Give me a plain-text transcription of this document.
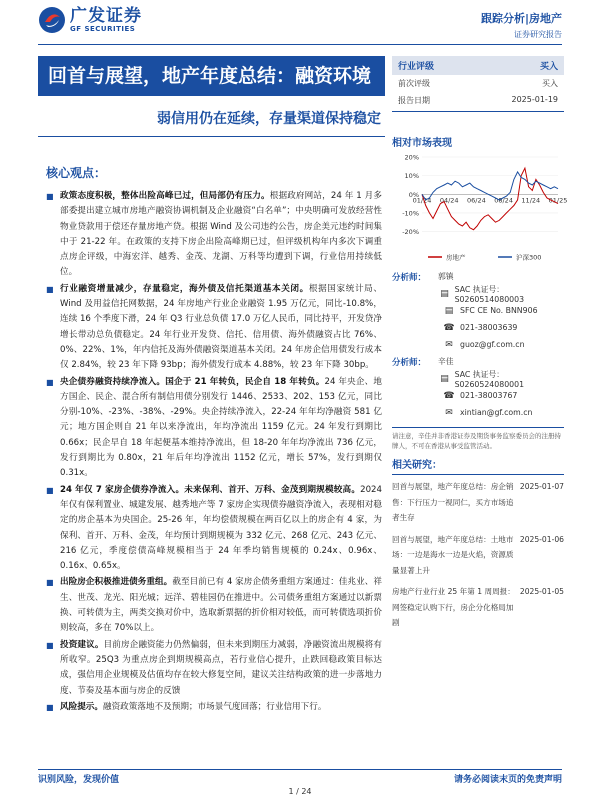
广发证券
GF SECURITIES
跟踪分析|房地产
证券研究报告
回首与展望，地产年度总结：融资环境
弱信用仍在延续，存量渠道保持稳定
行业评级	买入
前次评级	买入
报告日期	2025-01-19
相对市场表现
20%
10%
0%
-10%
-20%
01/24 04/24 06/24 08/24 11/24 01/25
房地产	沪深300
分析师：	郭镇
▤ SAC 执证号：S0260514080003
▤ SFC CE No. BNN906
☎ 021-38003639
✉ guoz@gf.com.cn
分析师：	辛佳
▤ SAC 执证号：S0260524080001
☎ 021-38003767
✉ xintian@gf.com.cn
请注意，辛佳并非香港证券及期货事务监察委员会的注册持牌人，不可在香港从事受监管活动。
相关研究：
回首与展望，地产年度总结：房企销售：下行压力一视同仁，买方市场追者生存
2025-01-07
回首与展望，地产年度总结：土地市场：一边是海水一边是火焰，资源质量显著上升
2025-01-06
房地产行业行业 25 年第 1 周周报：网签稳定认购下行，房企分化格局加剧
2025-01-05
核心观点：
■ 政策态度积极，整体出险高峰已过，但局部仍有压力。根据政府网站，24 年 1 月多部委提出建立城市房地产融资协调机制及企业融资“白名单”；中央明确可发放经营性物业贷款用于偿还存量房地产贷。根据 Wind 及公司违约公告，房企美元违约时间集中于 21-22 年。在政策的支持下房企出险高峰期已过，但评级机构年内多次下调重点房企评级，中海宏洋、越秀、金茂、龙湖、万科等均遭到下调，行业信用持续低位。
■ 行业融资增量减少，存量稳定，海外债及信托渠道基本关闭。根据国家统计局、Wind 及用益信托网数据，24 年房地产行业企业融资 1.95 万亿元，同比-10.8%，连续 16 个季度下滑，24 年 Q3 行业总负债 17.0 万亿人民币，同比持平，开发贷净增长带动总负债稳定。24 年行业开发贷、信托、信用债、海外债融资占比 76%、0%、22%、1%，年内信托及海外债融资渠道基本关闭。24 年房企信用债发行成本仅 2.84%，较 23 年下降 93bp；海外债发行成本 4.88%，较 23 年下降 30bp。
■ 央企债券融资持续净流入。国企于 21 年转负，民企自 18 年转负。24 年央企、地方国企、民企、混合所有制信用债分别发行 1446、2533、202、153 亿元，同比分别-10%、-23%、-38%、-29%。央企持续净流入，22-24 年年均净融资 581 亿元；地方国企则自 21 年以来净流出，年均净流出 1159 亿元。24 年发行到期比 0.66x；民企早自 18 年起便基本维持净流出，但 18-20 年年均净流出 736 亿元，发行到期比为 0.80x，21 年后年均净流出 1152 亿元，增长 57%，发行到期仅 0.31x。
■ 24 年仅 7 家房企债券净流入。未来保利、首开、万科、金茂到期规模较高。2024 年仅有保利置业、城建发展、越秀地产等 7 家房企实现债券融资净流入，表现相对稳定的房企基本为央国企。25-26 年，年均偿债规模在两百亿以上的房企有 4 家，为保利、首开、万科、金茂，年均预计到期规模为 332 亿元、268 亿元、243 亿元、216 亿元，季度偿债高峰规模相当于 24 年季均销售规模的 0.24x、0.96x、0.16x、0.65x。
■ 出险房企积极推进债务重组。截至目前已有 4 家房企债务重组方案通过：佳兆业、祥生、世茂、龙光、阳光城；远洋、碧桂园仍在推进中。公司债务重组方案通过以新票换、可转债为主，两类交换对价中，选取新票据的折价相对较低，而可转债选项折价则较高，多在 70%以上。
■ 投资建议。目前房企融资能力仍然偏弱，但未来到期压力减弱，净融资流出规模将有所收窄。25Q3 为重点房企到期规模高点，若行业信心提升，止跌回稳政策目标达成，强信用企业规模及估值均存在较大修复空间，建议关注结构政策的进一步落地力度、节奏及基本面与房企的反馈
■ 风险提示。融资政策落地不及预期；市场景气度回落；行业信用下行。
识别风险，发现价值	请务必阅读末页的免责声明
1 / 24
